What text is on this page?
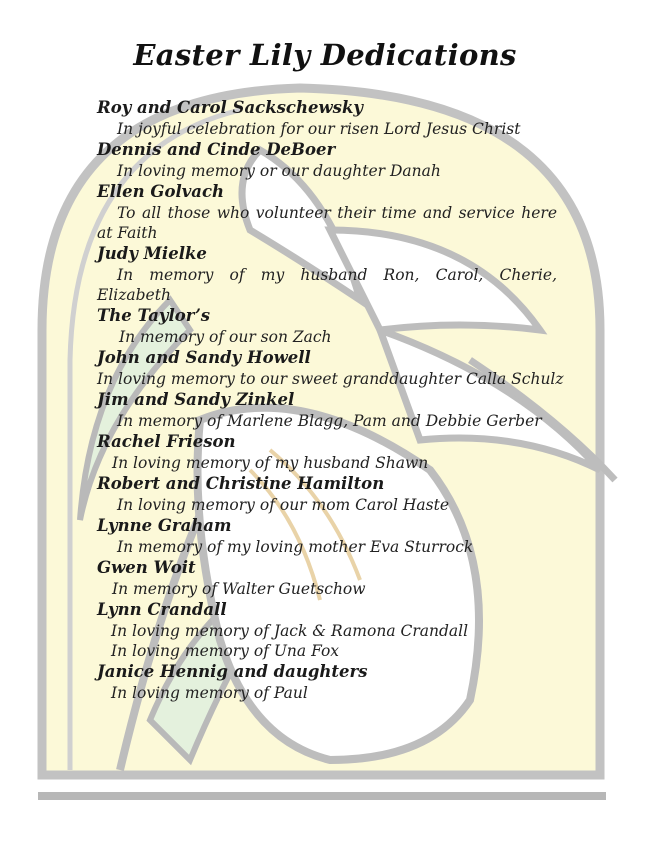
Easter Lily Dedications
Roy and Carol Sackschewsky
In joyful celebration for our risen Lord Jesus Christ
Dennis and Cinde DeBoer
In loving memory or our daughter Danah
Ellen Golvach
To all those who volunteer their time and service here at Faith
Judy Mielke
In memory of my husband Ron, Carol, Cherie, Elizabeth
The Taylor’s
In memory of our son Zach
John and Sandy Howell
In loving memory to our sweet granddaughter Calla Schulz
Jim and Sandy Zinkel
In memory of Marlene Blagg, Pam and Debbie Gerber
Rachel Frieson
In loving memory of my husband Shawn
Robert and Christine Hamilton
In loving memory of our mom Carol Haste
Lynne Graham
In memory of my loving mother Eva Sturrock
Gwen Woit
In memory of Walter Guetschow
Lynn Crandall
In loving memory of Jack & Ramona Crandall
In loving memory of Una Fox
Janice Hennig and daughters
In loving memory of Paul
